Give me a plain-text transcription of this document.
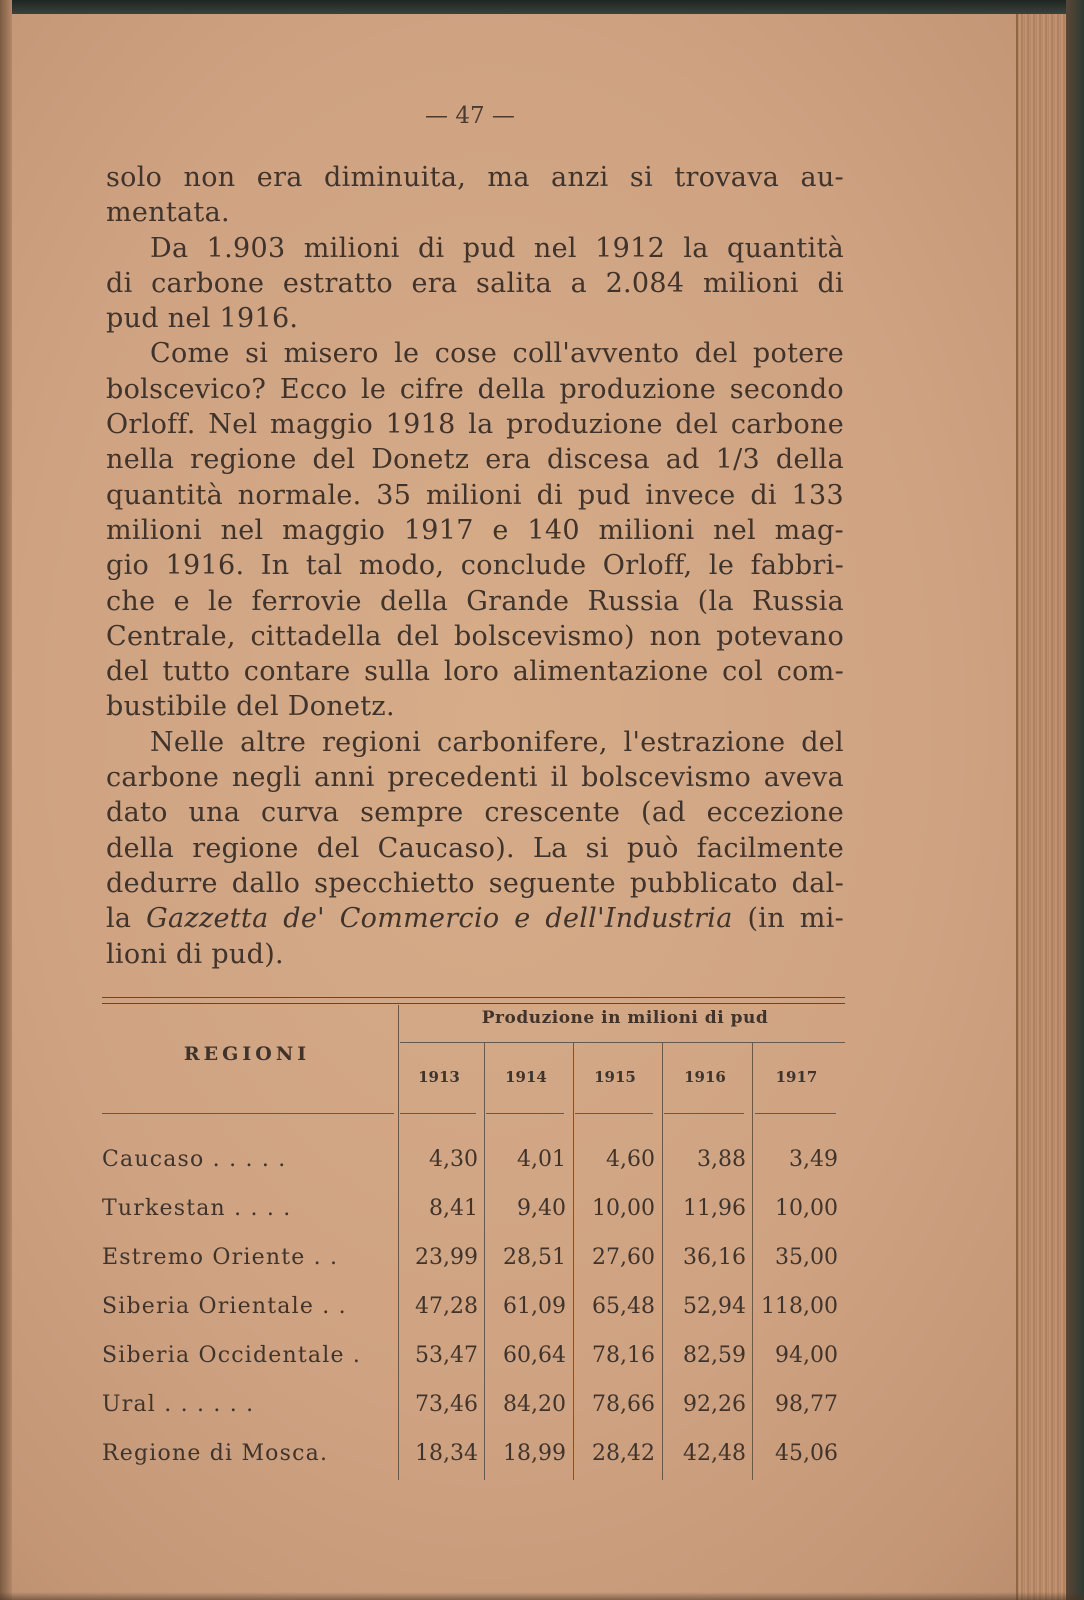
— 47 —
solo non era diminuita, ma anzi si trovava au-
mentata.
Da 1.903 milioni di pud nel 1912 la quantità
di carbone estratto era salita a 2.084 milioni di
pud nel 1916.
Come si misero le cose coll'avvento del potere
bolscevico? Ecco le cifre della produzione secondo
Orloff. Nel maggio 1918 la produzione del carbone
nella regione del Donetz era discesa ad 1/3 della
quantità normale. 35 milioni di pud invece di 133
milioni nel maggio 1917 e 140 milioni nel mag-
gio 1916. In tal modo, conclude Orloff, le fabbri-
che e le ferrovie della Grande Russia (la Russia
Centrale, cittadella del bolscevismo) non potevano
del tutto contare sulla loro alimentazione col com-
bustibile del Donetz.
Nelle altre regioni carbonifere, l'estrazione del
carbone negli anni precedenti il bolscevismo aveva
dato una curva sempre crescente (ad eccezione
della regione del Caucaso). La si può facilmente
dedurre dallo specchietto seguente pubblicato dal-
la Gazzetta de' Commercio e dell'Industria (in mi-
lioni di pud).
REGIONI
Produzione in milioni di pud
1913	1914	1915	1916	1917
Caucaso . . . . .	4,30	4,01	4,60	3,88	3,49
Turkestan . . . .	8,41	9,40	10,00	11,96	10,00
Estremo Oriente . .	23,99	28,51	27,60	36,16	35,00
Siberia Orientale . .	47,28	61,09	65,48	52,94 118,00
Siberia Occidentale .	53,47	60,64	78,16	82,59	94,00
Ural . . . . . .	73,46	84,20	78,66	92,26	98,77
Regione di Mosca.	18,34	18,99	28,42	42,48	45,06
